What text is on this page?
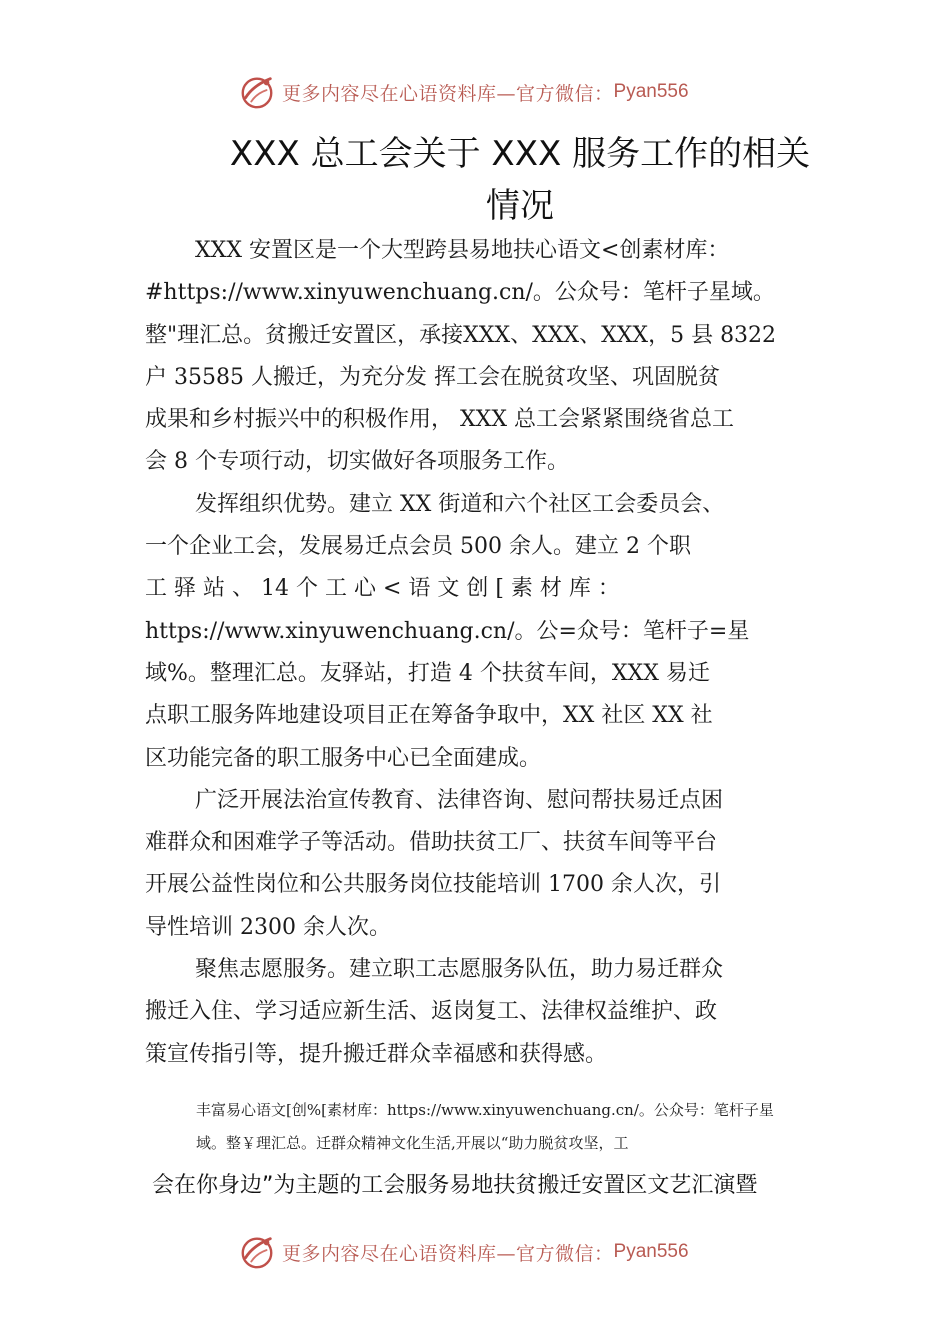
更多内容尽在心语资料库—官方微信： Pyan556
XXX 总工会关于 XXX 服务工作的相关
情况
XXX 安置区是一个大型跨县易地扶心语文<创素材库：
#https://www.xinyuwenchuang.cn/。公众号：笔杆子星域。
整"理汇总。贫搬迁安置区，承接XXX、XXX、XXX，5 县 8322
户 35585 人搬迁，为充分发 挥工会在脱贫攻坚、巩固脱贫
成果和乡村振兴中的积极作用， XXX 总工会紧紧围绕省总工
会 8 个专项行动，切实做好各项服务工作。
发挥组织优势。建立 XX 街道和六个社区工会委员会、
一个企业工会，发展易迁点会员 500 余人。建立 2 个职
工 驿 站 、 14 个 工 心 < 语 文 创 [ 素 材 库 ：
https://www.xinyuwenchuang.cn/。公=众号：笔杆子=星
域%。整理汇总。友驿站，打造 4 个扶贫车间，XXX 易迁
点职工服务阵地建设项目正在筹备争取中，XX 社区 XX 社
区功能完备的职工服务中心已全面建成。
广泛开展法治宣传教育、法律咨询、慰问帮扶易迁点困
难群众和困难学子等活动。借助扶贫工厂、扶贫车间等平台
开展公益性岗位和公共服务岗位技能培训 1700 余人次，引
导性培训 2300 余人次。
聚焦志愿服务。建立职工志愿服务队伍，助力易迁群众
搬迁入住、学习适应新生活、返岗复工、法律权益维护、政
策宣传指引等，提升搬迁群众幸福感和获得感。
丰富易心语文[创%[素材库：https://www.xinyuwenchuang.cn/。公众号：笔杆子星
域。整￥理汇总。迁群众精神文化生活,开展以“助力脱贫攻坚，工
会在你身边”为主题的工会服务易地扶贫搬迁安置区文艺汇演暨
更多内容尽在心语资料库—官方微信： Pyan556
